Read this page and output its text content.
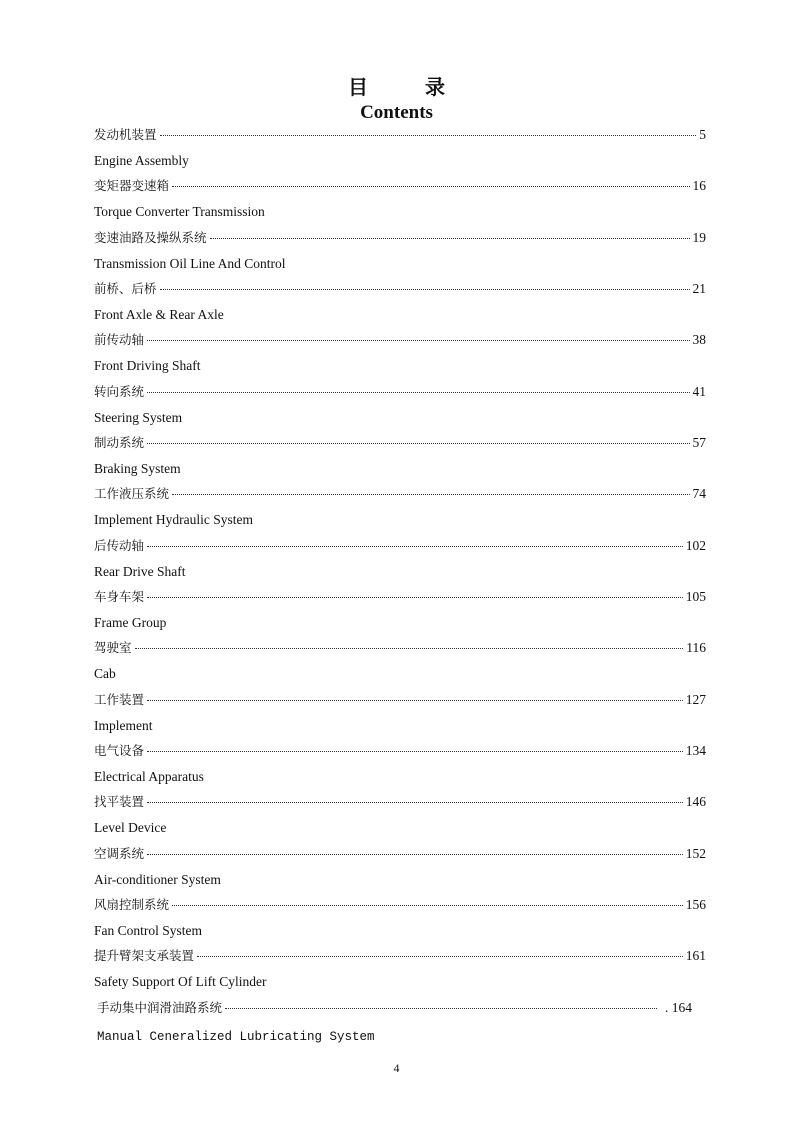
目 录
Contents
发动机装置	5
Engine Assembly
变矩器变速箱	16
Torque Converter Transmission
变速油路及操纵系统	19
Transmission Oil Line And Control
前桥、后桥	21
Front Axle & Rear Axle
前传动轴	38
Front Driving Shaft
转向系统	41
Steering System
制动系统	57
Braking System
工作液压系统	74
Implement Hydraulic System
后传动轴	102
Rear Drive Shaft
车身车架	105
Frame Group
驾驶室	116
Cab
工作装置	127
Implement
电气设备	134
Electrical Apparatus
找平装置	146
Level Device
空调系统	152
Air-conditioner System
风扇控制系统	156
Fan Control System
提升臂架支承装置	161
Safety Support Of Lift Cylinder
手动集中润滑油路系统	. 164
Manual Ceneralized Lubricating System
4
